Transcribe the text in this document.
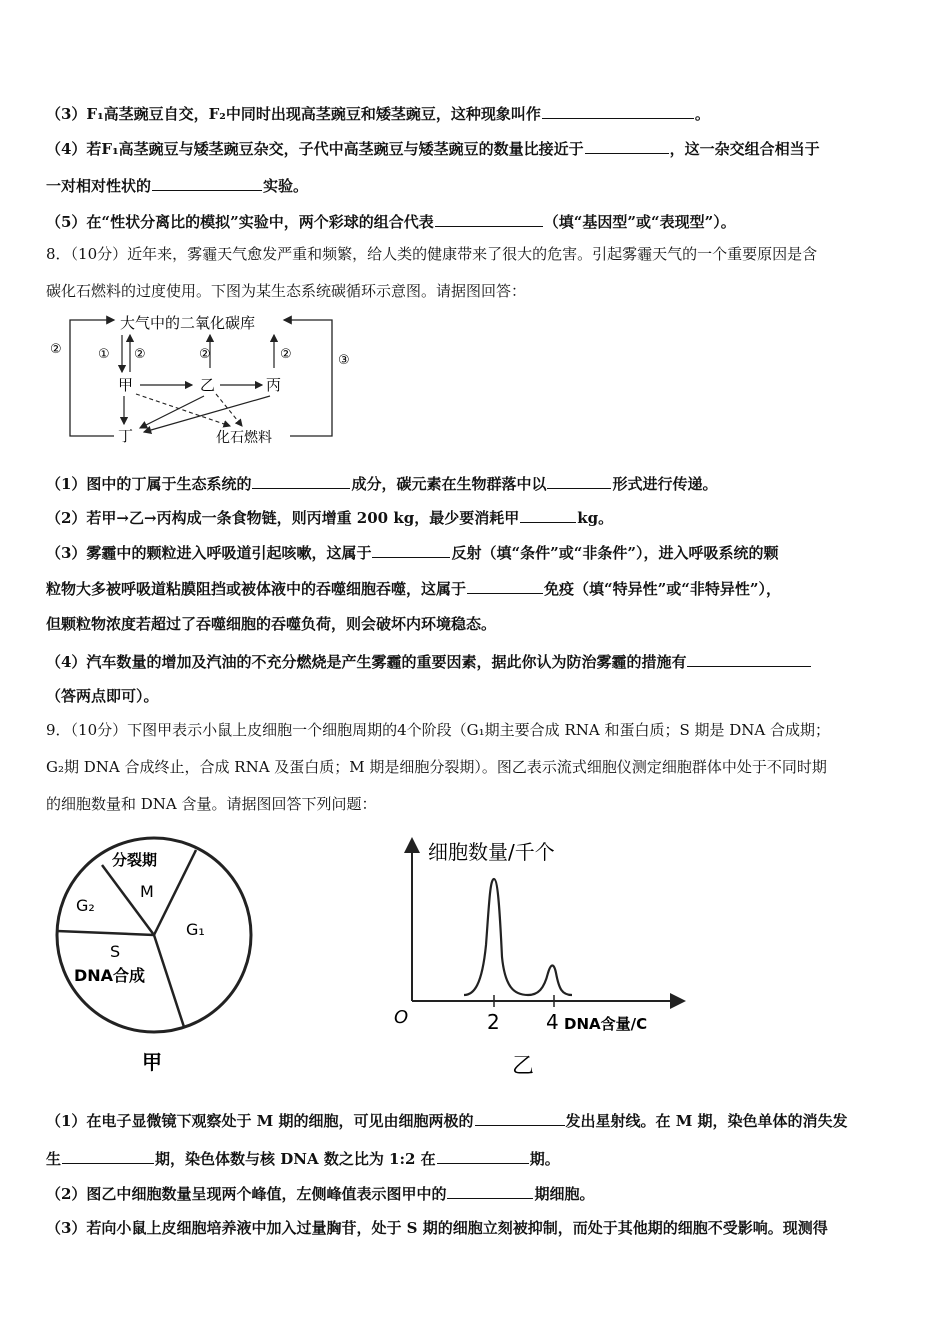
（3）F₁高茎豌豆自交，F₂中同时出现高茎豌豆和矮茎豌豆，这种现象叫作	。
（4）若F₁高茎豌豆与矮茎豌豆杂交，子代中高茎豌豆与矮茎豌豆的数量比接近于	，这一杂交组合相当于
一对相对性状的	实验。
（5）在“性状分离比的模拟”实验中，两个彩球的组合代表	（填“基因型”或“表现型”）。
8．（10分）近年来，雾霾天气愈发严重和频繁，给人类的健康带来了很大的危害。引起雾霾天气的一个重要原因是含
碳化石燃料的过度使用。下图为某生态系统碳循环示意图。请据图回答：
大气中的二氧化碳库
②
③
① ②	②	②
甲	乙	丙
丁	化石燃料
（1）图中的丁属于生态系统的	成分，碳元素在生物群落中以	形式进行传递。
（2）若甲→乙→丙构成一条食物链，则丙增重 200 kg，最少要消耗甲	kg。
（3）雾霾中的颗粒进入呼吸道引起咳嗽，这属于	反射（填“条件”或“非条件”），进入呼吸系统的颗
粒物大多被呼吸道粘膜阻挡或被体液中的吞噬细胞吞噬，这属于	免疫（填“特异性”或“非特异性”），
但颗粒物浓度若超过了吞噬细胞的吞噬负荷，则会破坏内环境稳态。
（4）汽车数量的增加及汽油的不充分燃烧是产生雾霾的重要因素，据此你认为防治雾霾的措施有
（答两点即可）。
9．（10分）下图甲表示小鼠上皮细胞一个细胞周期的4个阶段（G₁期主要合成 RNA 和蛋白质；S 期是 DNA 合成期；
G₂期 DNA 合成终止，合成 RNA 及蛋白质；M 期是细胞分裂期）。图乙表示流式细胞仪测定细胞群体中处于不同时期
的细胞数量和 DNA 含量。请据图回答下列问题：
分裂期
M
G₂
G₁
S
DNA合成
甲
细胞数量/千个
O	2 4 DNA含量/C
乙
（1）在电子显微镜下观察处于 M 期的细胞，可见由细胞两极的	发出星射线。在 M 期，染色单体的消失发
生	期，染色体数与核 DNA 数之比为 1:2 在	期。
（2）图乙中细胞数量呈现两个峰值，左侧峰值表示图甲中的	期细胞。
（3）若向小鼠上皮细胞培养液中加入过量胸苷，处于 S 期的细胞立刻被抑制，而处于其他期的细胞不受影响。现测得
